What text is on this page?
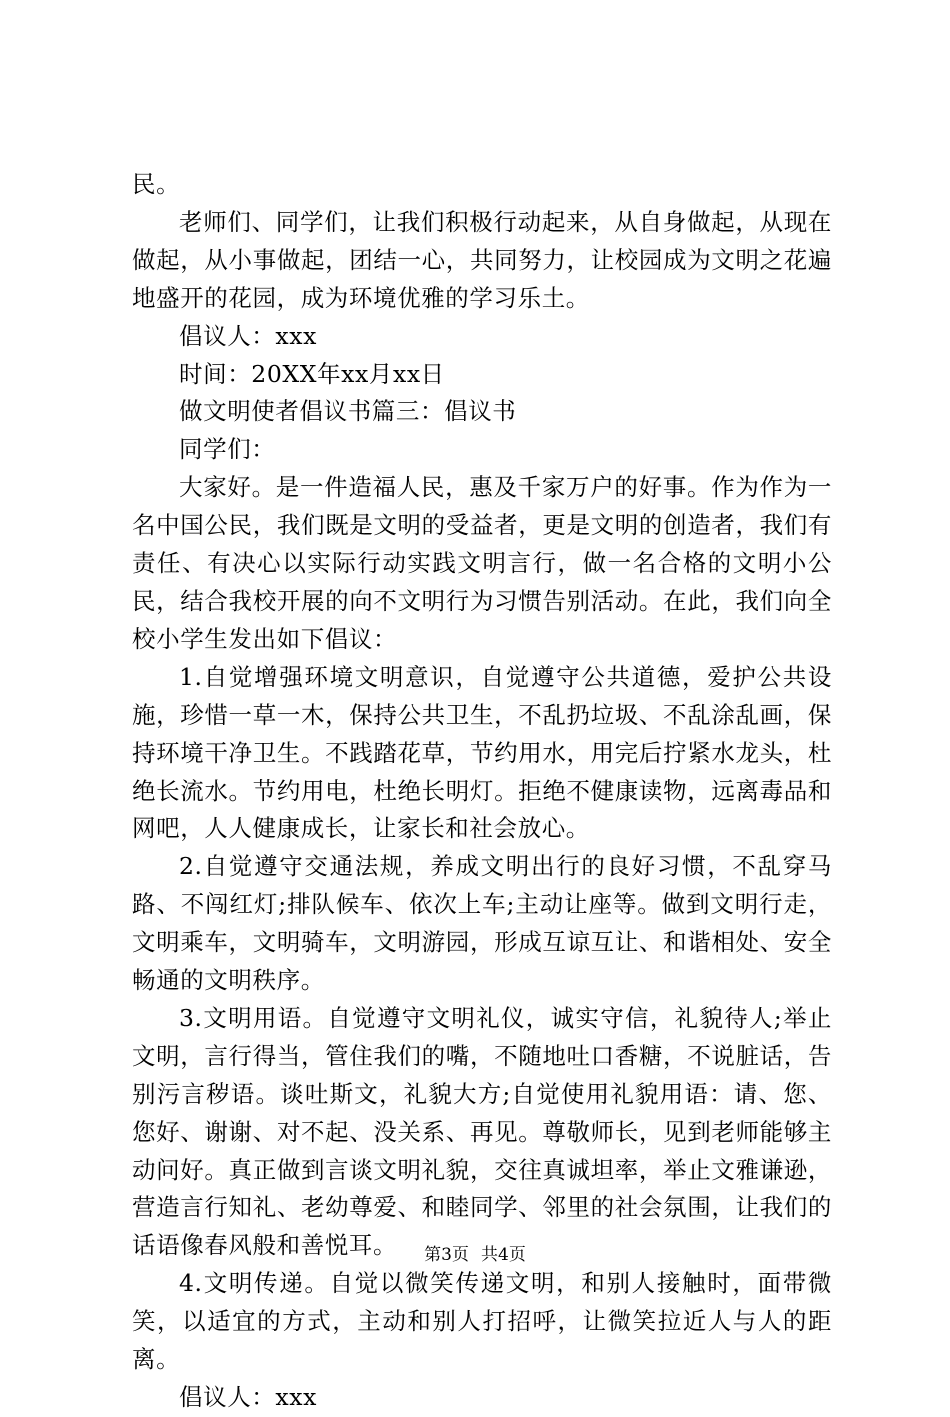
民。

老师们、同学们，让我们积极行动起来，从自身做起，从现在做起，从小事做起，团结一心，共同努力，让校园成为文明之花遍地盛开的花园，成为环境优雅的学习乐土。

倡议人：xxx

时间：20XX年xx月xx日

做文明使者倡议书篇三：倡议书

同学们：

大家好。是一件造福人民，惠及千家万户的好事。作为作为一名中国公民，我们既是文明的受益者，更是文明的创造者，我们有责任、有决心以实际行动实践文明言行，做一名合格的文明小公民，结合我校开展的向不文明行为习惯告别活动。在此，我们向全校小学生发出如下倡议：

1.自觉增强环境文明意识，自觉遵守公共道德，爱护公共设施，珍惜一草一木，保持公共卫生，不乱扔垃圾、不乱涂乱画，保持环境干净卫生。不践踏花草，节约用水，用完后拧紧水龙头，杜绝长流水。节约用电，杜绝长明灯。拒绝不健康读物，远离毒品和网吧，人人健康成长，让家长和社会放心。

2.自觉遵守交通法规，养成文明出行的良好习惯，不乱穿马路、不闯红灯;排队候车、依次上车;主动让座等。做到文明行走，文明乘车，文明骑车，文明游园，形成互谅互让、和谐相处、安全畅通的文明秩序。

3.文明用语。自觉遵守文明礼仪，诚实守信，礼貌待人;举止文明，言行得当，管住我们的嘴，不随地吐口香糖，不说脏话，告别污言秽语。谈吐斯文，礼貌大方;自觉使用礼貌用语：请、您、您好、谢谢、对不起、没关系、再见。尊敬师长，见到老师能够主动问好。真正做到言谈文明礼貌，交往真诚坦率，举止文雅谦逊，营造言行知礼、老幼尊爱、和睦同学、邻里的社会氛围，让我们的话语像春风般和善悦耳。

4.文明传递。自觉以微笑传递文明，和别人接触时，面带微笑，以适宜的方式，主动和别人打招呼，让微笑拉近人与人的距离。

倡议人：xxx

第3页 共4页
